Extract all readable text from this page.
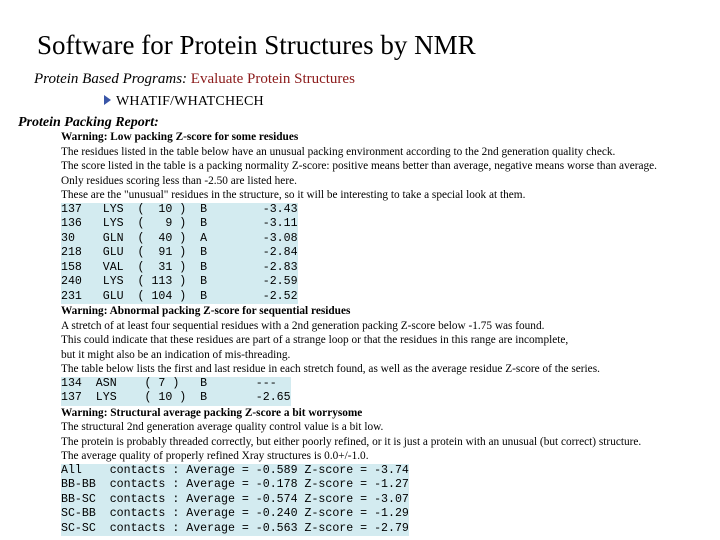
Software for Protein Structures by NMR
Protein Based Programs: Evaluate Protein Structures
WHATIF/WHATCHECH
Protein Packing Report:
Warning: Low packing Z-score for some residues
The residues listed in the table below have an unusual packing environment according to the 2nd generation quality check.
The score listed in the table is a packing normality Z-score: positive means better than average, negative means worse than average.
Only residues scoring less than -2.50 are listed here.
These are the "unusual" residues in the structure, so it will be interesting to take a special look at them.
137   LYS  (  10 )  B        -3.43
136   LYS  (   9 )  B        -3.11
30    GLN  (  40 )  A        -3.08
218   GLU  (  91 )  B        -2.84
158   VAL  (  31 )  B        -2.83
240   LYS  ( 113 )  B        -2.59
231   GLU  ( 104 )  B        -2.52
Warning: Abnormal packing Z-score for sequential residues
A stretch of at least four sequential residues with a 2nd generation packing Z-score below -1.75 was found.
This could indicate that these residues are part of a strange loop or that the residues in this range are incomplete,
but it might also be an indication of mis-threading.
The table below lists the first and last residue in each stretch found, as well as the average residue Z-score of the series.
134  ASN    ( 7 )   B       ---
137  LYS    ( 10 )  B       -2.65
Warning: Structural average packing Z-score a bit worrysome
The structural 2nd generation average quality control value is a bit low.
The protein is probably threaded correctly, but either poorly refined, or it is just a protein with an unusual (but correct) structure.
The average quality of properly refined Xray structures is 0.0+/-1.0.
All    contacts : Average = -0.589 Z-score = -3.74
BB-BB  contacts : Average = -0.178 Z-score = -1.27
BB-SC  contacts : Average = -0.574 Z-score = -3.07
SC-BB  contacts : Average = -0.240 Z-score = -1.29
SC-SC  contacts : Average = -0.563 Z-score = -2.79
